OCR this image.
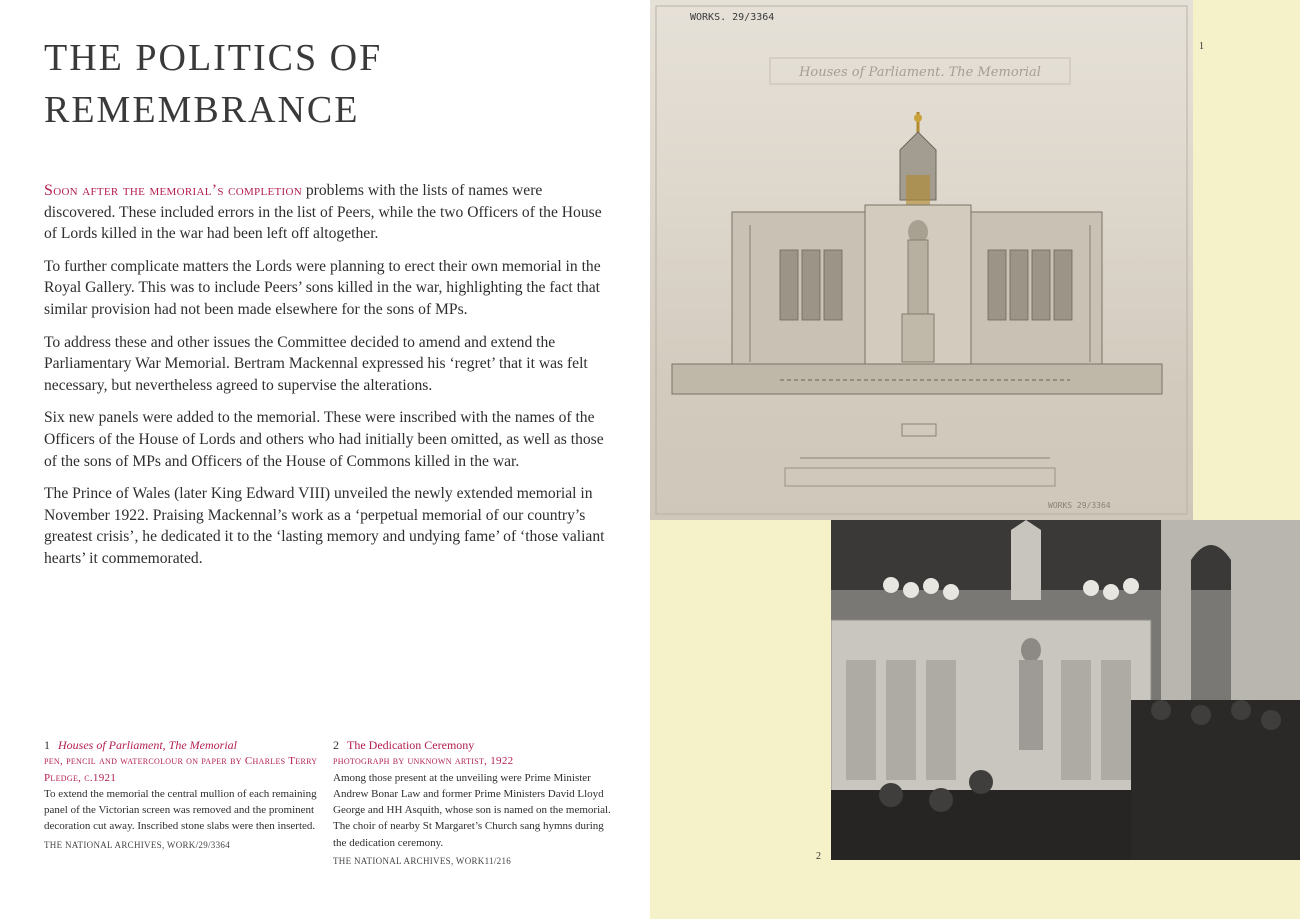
THE POLITICS OF REMEMBRANCE

Soon after the memorial’s completion problems with the lists of names were discovered. These included errors in the list of Peers, while the two Officers of the House of Lords killed in the war had been left off altogether.

To further complicate matters the Lords were planning to erect their own memorial in the Royal Gallery. This was to include Peers’ sons killed in the war, highlighting the fact that similar provision had not been made elsewhere for the sons of MPs.

To address these and other issues the Committee decided to amend and extend the Parliamentary War Memorial. Bertram Mackennal expressed his ‘regret’ that it was felt necessary, but nevertheless agreed to supervise the alterations.

Six new panels were added to the memorial. These were inscribed with the names of the Officers of the House of Lords and others who had initially been omitted, as well as those of the sons of MPs and Officers of the House of Commons killed in the war.

The Prince of Wales (later King Edward VIII) unveiled the newly extended memorial in November 1922. Praising Mackennal’s work as a ‘perpetual memorial of our country’s greatest crisis’, he dedicated it to the ‘lasting memory and undying fame’ of ‘those valiant hearts’ it commemorated.

1 Houses of Parliament, The Memorial
pen, pencil and watercolour on paper by Charles Terry Pledge, c.1921
To extend the memorial the central mullion of each remaining panel of the Victorian screen was removed and the prominent decoration cut away. Inscribed stone slabs were then inserted.
THE NATIONAL ARCHIVES, WORK/29/3364
2 The Dedication Ceremony
photograph by unknown artist, 1922
Among those present at the unveiling were Prime Minister Andrew Bonar Law and former Prime Ministers David Lloyd George and HH Asquith, whose son is named on the memorial. The choir of nearby St Margaret’s Church sang hymns during the dedication ceremony.
THE NATIONAL ARCHIVES, WORK11/216
WORKS. 29/3364
Houses of Parliament. The Memorial
WORKS 29/3364
1
2
